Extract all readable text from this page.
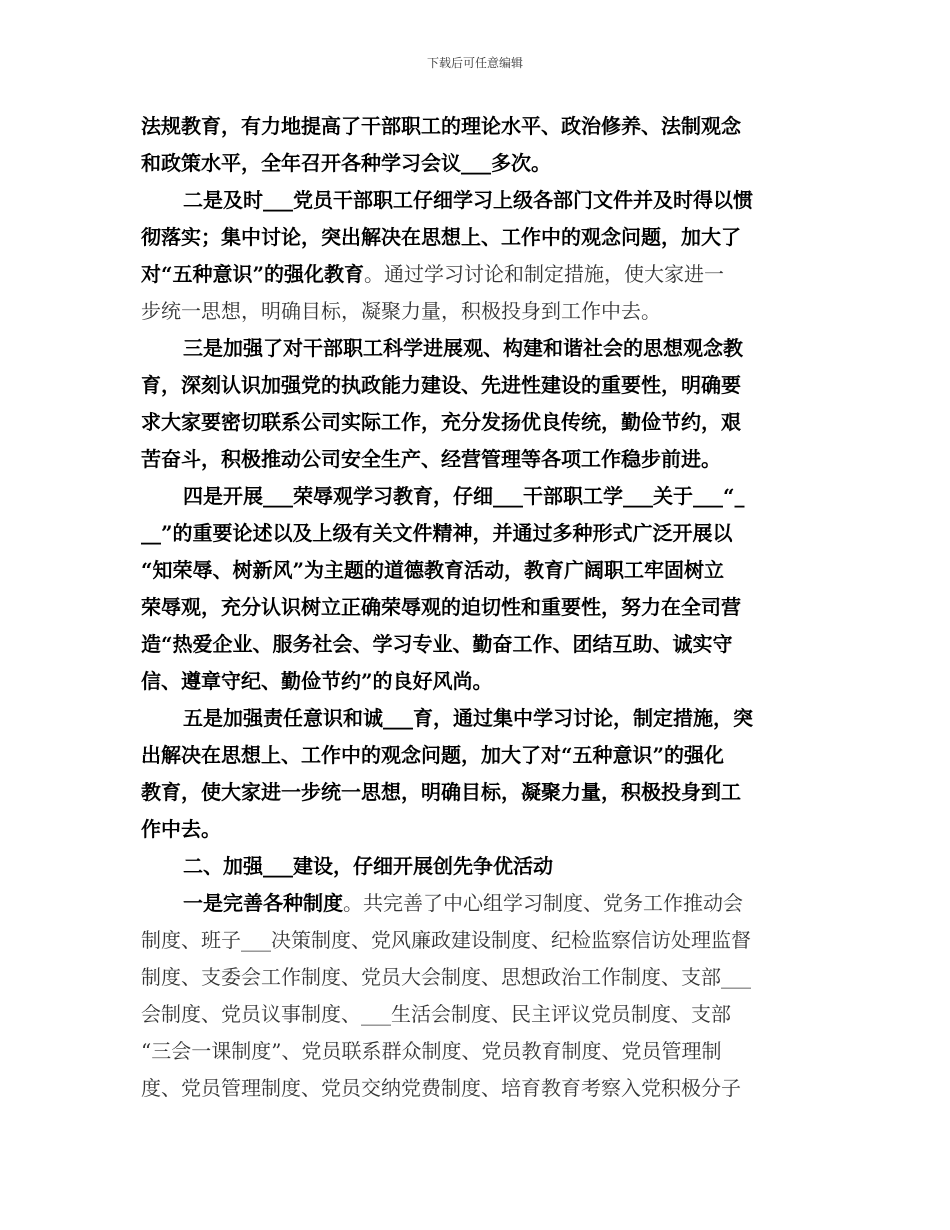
下载后可任意编辑
法规教育，有力地提高了干部职工的理论水平、政治修养、法制观念
和政策水平，全年召开各种学习会议___多次。
二是及时___党员干部职工仔细学习上级各部门文件并及时得以惯
彻落实；集中讨论，突出解决在思想上、工作中的观念问题，加大了
对“五种意识”的强化教育。通过学习讨论和制定措施，使大家进一
步统一思想，明确目标，凝聚力量，积极投身到工作中去。
三是加强了对干部职工科学进展观、构建和谐社会的思想观念教
育，深刻认识加强党的执政能力建设、先进性建设的重要性，明确要
求大家要密切联系公司实际工作，充分发扬优良传统，勤俭节约，艰
苦奋斗，积极推动公司安全生产、经营管理等各项工作稳步前进。
四是开展___荣辱观学习教育，仔细___干部职工学___关于___“_
__”的重要论述以及上级有关文件精神，并通过多种形式广泛开展以
“知荣辱、树新风”为主题的道德教育活动，教育广阔职工牢固树立
荣辱观，充分认识树立正确荣辱观的迫切性和重要性，努力在全司营
造“热爱企业、服务社会、学习专业、勤奋工作、团结互助、诚实守
信、遵章守纪、勤俭节约”的良好风尚。
五是加强责任意识和诚___育，通过集中学习讨论，制定措施，突
出解决在思想上、工作中的观念问题，加大了对“五种意识”的强化
教育，使大家进一步统一思想，明确目标，凝聚力量，积极投身到工
作中去。
二、加强___建设，仔细开展创先争优活动
一是完善各种制度。共完善了中心组学习制度、党务工作推动会
制度、班子___决策制度、党风廉政建设制度、纪检监察信访处理监督
制度、支委会工作制度、党员大会制度、思想政治工作制度、支部___
会制度、党员议事制度、___生活会制度、民主评议党员制度、支部
“三会一课制度”、党员联系群众制度、党员教育制度、党员管理制
度、党员管理制度、党员交纳党费制度、培育教育考察入党积极分子
